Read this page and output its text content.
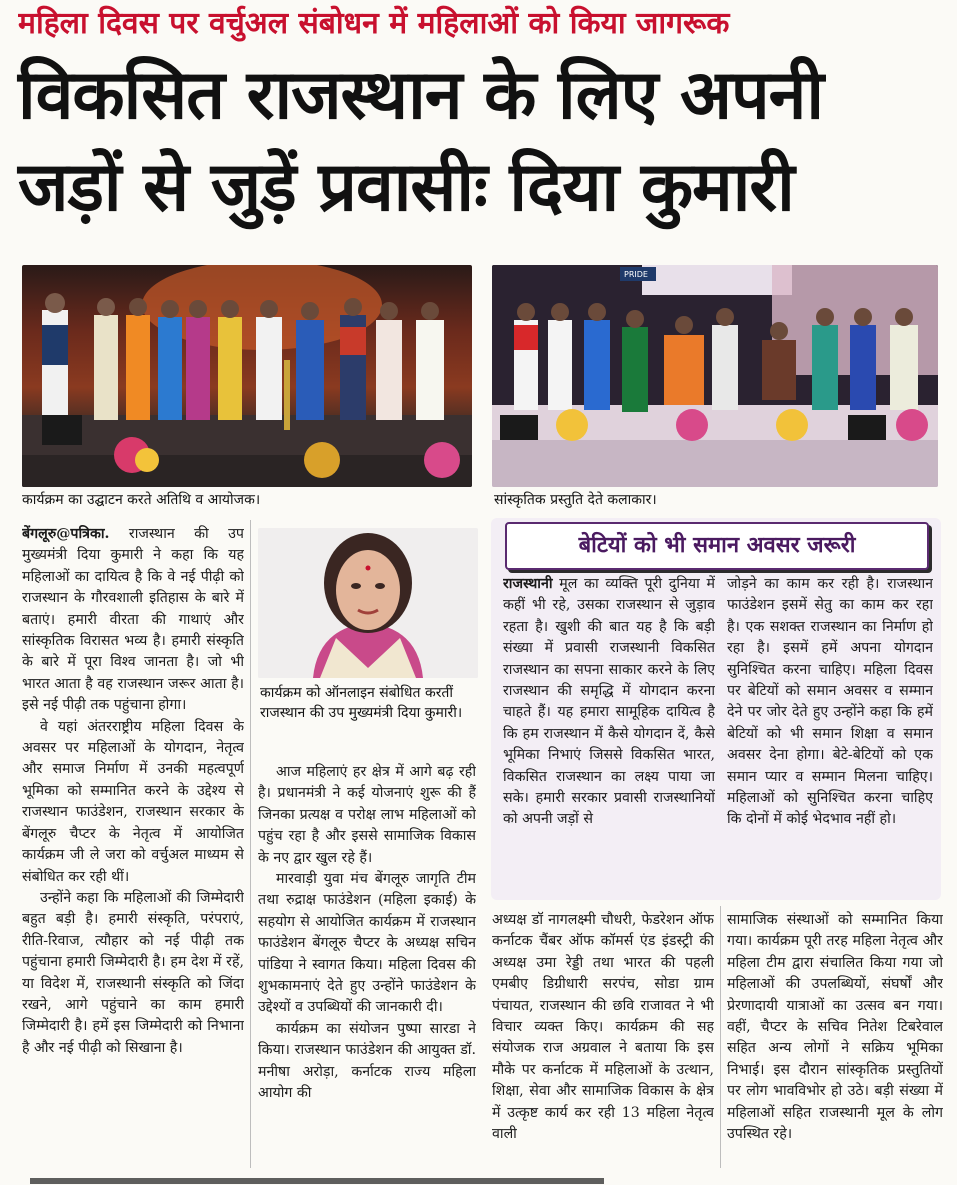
महिला दिवस पर वर्चुअल संबोधन में महिलाओं को किया जागरूक
विकसित राजस्थान के लिए अपनी
जड़ों से जुड़ें प्रवासीः दिया कुमारी
कार्यक्रम का उद्घाटन करते अतिथि व आयोजक।
PRIDE
सांस्कृतिक प्रस्तुति देते कलाकार।
कार्यक्रम को ऑनलाइन संबोधित करतीं राजस्थान की उप मुख्यमंत्री दिया कुमारी।

बेंगलूरु@पत्रिका. राजस्थान की उप मुख्यमंत्री दिया कुमारी ने कहा कि यह महिलाओं का दायित्व है कि वे नई पीढ़ी को राजस्थान के गौरवशाली इतिहास के बारे में बताएं। हमारी वीरता की गाथाएं और सांस्कृतिक विरासत भव्य है। हमारी संस्कृति के बारे में पूरा विश्व जानता है। जो भी भारत आता है वह राजस्थान जरूर आता है। इसे नई पीढ़ी तक पहुंचाना होगा।

वे यहां अंतरराष्ट्रीय महिला दिवस के अवसर पर महिलाओं के योगदान, नेतृत्व और समाज निर्माण में उनकी महत्वपूर्ण भूमिका को सम्मानित करने के उद्देश्य से राजस्थान फाउंडेशन, राजस्थान सरकार के बेंगलूरु चैप्टर के नेतृत्व में आयोजित कार्यक्रम जी ले जरा को वर्चुअल माध्यम से संबोधित कर रही थीं।

उन्होंने कहा कि महिलाओं की जिम्मेदारी बहुत बड़ी है। हमारी संस्कृति, परंपराएं, रीति-रिवाज, त्यौहार को नई पीढ़ी तक पहुंचाना हमारी जिम्मेदारी है। हम देश में रहें, या विदेश में, राजस्थानी संस्कृति को जिंदा रखने, आगे पहुंचाने का काम हमारी जिम्मेदारी है। हमें इस जिम्मेदारी को निभाना है और नई पीढ़ी को सिखाना है।

आज महिलाएं हर क्षेत्र में आगे बढ़ रही है। प्रधानमंत्री ने कई योजनाएं शुरू की हैं जिनका प्रत्यक्ष व परोक्ष लाभ महिलाओं को पहुंच रहा है और इससे सामाजिक विकास के नए द्वार खुल रहे हैं।

मारवाड़ी युवा मंच बेंगलूरु जागृति टीम तथा रुद्राक्ष फाउंडेशन (महिला इकाई) के सहयोग से आयोजित कार्यक्रम में राजस्थान फाउंडेशन बेंगलूरु चैप्टर के अध्यक्ष सचिन पांडिया ने स्वागत किया। महिला दिवस की शुभकामनाएं देते हुए उन्होंने फाउंडेशन के उद्देश्यों व उपब्धियों की जानकारी दी।

कार्यक्रम का संयोजन पुष्पा सारडा ने किया। राजस्थान फाउंडेशन की आयुक्त डॉ. मनीषा अरोड़ा, कर्नाटक राज्य महिला आयोग की

बेटियों को भी समान अवसर जरूरी

राजस्थानी मूल का व्यक्ति पूरी दुनिया में कहीं भी रहे, उसका राजस्थान से जुड़ाव रहता है। खुशी की बात यह है कि बड़ी संख्या में प्रवासी राजस्थानी विकसित राजस्थान का सपना साकार करने के लिए राजस्थान की समृद्धि में योगदान करना चाहते हैं। यह हमारा सामूहिक दायित्व है कि हम राजस्थान में कैसे योगदान दें, कैसे भूमिका निभाएं जिससे विकसित भारत, विकसित राजस्थान का लक्ष्य पाया जा सके। हमारी सरकार प्रवासी राजस्थानियों को अपनी जड़ों से

जोड़ने का काम कर रही है। राजस्थान फाउंडेशन इसमें सेतु का काम कर रहा है। एक सशक्त राजस्थान का निर्माण हो रहा है। इसमें हमें अपना योगदान सुनिश्चित करना चाहिए। महिला दिवस पर बेटियों को समान अवसर व सम्मान देने पर जोर देते हुए उन्होंने कहा कि हमें बेटियों को भी समान शिक्षा व समान अवसर देना होगा। बेटे-बेटियों को एक समान प्यार व सम्मान मिलना चाहिए। महिलाओं को सुनिश्चित करना चाहिए कि दोनों में कोई भेदभाव नहीं हो।

अध्यक्ष डॉ नागलक्ष्मी चौधरी, फेडरेशन ऑफ कर्नाटक चैंबर ऑफ कॉमर्स एंड इंडस्ट्री की अध्यक्ष उमा रेड्डी तथा भारत की पहली एमबीए डिग्रीधारी सरपंच, सोडा ग्राम पंचायत, राजस्थान की छवि राजावत ने भी विचार व्यक्त किए। कार्यक्रम की सह संयोजक राज अग्रवाल ने बताया कि इस मौके पर कर्नाटक में महिलाओं के उत्थान, शिक्षा, सेवा और सामाजिक विकास के क्षेत्र में उत्कृष्ट कार्य कर रही 13 महिला नेतृत्व वाली

सामाजिक संस्थाओं को सम्मानित किया गया। कार्यक्रम पूरी तरह महिला नेतृत्व और महिला टीम द्वारा संचालित किया गया जो महिलाओं की उपलब्धियों, संघर्षों और प्रेरणादायी यात्राओं का उत्सव बन गया। वहीं, चैप्टर के सचिव नितेश टिबरेवाल सहित अन्य लोगों ने सक्रिय भूमिका निभाई। इस दौरान सांस्कृतिक प्रस्तुतियों पर लोग भावविभोर हो उठे। बड़ी संख्या में महिलाओं सहित राजस्थानी मूल के लोग उपस्थित रहे।
